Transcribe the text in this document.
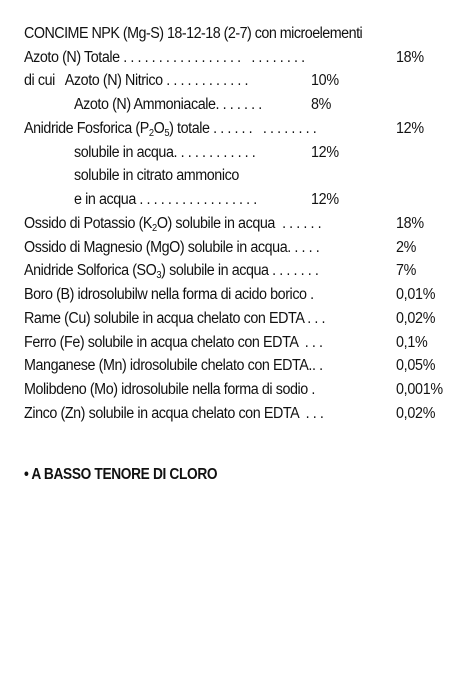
CONCIME NPK (Mg-S) 18-12-18 (2-7) con microelementi
Azoto (N) Totale . . . . . . . . . . . . . . . . .   . . . . . . . .	18%
di cui   Azoto (N) Nitrico . . . . . . . . . . . .	10%
Azoto (N) Ammoniacale. . . . . . .	8%
Anidride Fosforica $(P_2O_5)$ totale . . . . . .   . . . . . . . .	12%
solubile in acqua. . . . . . . . . . . .	12%
solubile in citrato ammonico
e in acqua . . . . . . . . . . . . . . . . .	12%
Ossido di Potassio $(K_2O)$ solubile in acqua  . . . . . .	18%
Ossido di Magnesio (MgO) solubile in acqua. . . . .	2%
Anidride Solforica $(SO_3)$ solubile in acqua . . . . . . .	7%
Boro (B) idrosolubilw nella forma di acido borico .	0,01%
Rame (Cu) solubile in acqua chelato con EDTA . . .	0,02%
Ferro (Fe) solubile in acqua chelato con EDTA  . . .	0,1%
Manganese (Mn) idrosolubile chelato con EDTA.. .	0,05%
Molibdeno (Mo) idrosolubile nella forma di sodio .	0,001%
Zinco (Zn) solubile in acqua chelato con EDTA  . . .	0,02%
• A BASSO TENORE DI CLORO
